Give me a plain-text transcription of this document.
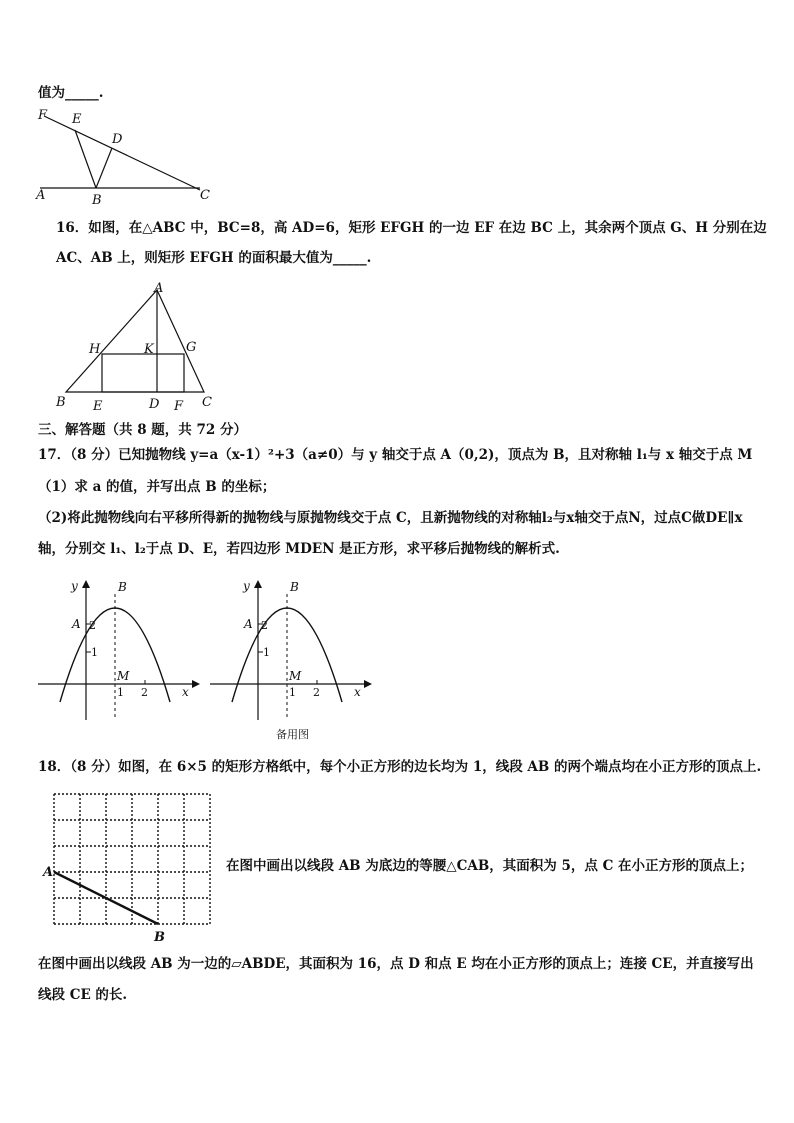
值为_____.
F E
D
A	B	C
16．如图，在△ABC 中，BC=8，高 AD=6，矩形 EFGH 的一边 EF 在边 BC 上，其余两个顶点 G、H 分别在边
AC、AB 上，则矩形 EFGH 的面积最大值为_____.
A
H	K G
B E	D F C
三、解答题（共 8 题，共 72 分）
17．（8 分）已知抛物线 y=a（x-1）²+3（a≠0）与 y 轴交于点 A（0,2)，顶点为 B，且对称轴 l₁与 x 轴交于点 M
（1）求 a 的值，并写出点 B 的坐标；
（2)将此抛物线向右平移所得新的抛物线与原抛物线交于点 C，且新抛物线的对称轴l₂与x轴交于点N，过点C做DE∥x
轴，分别交 l₁、l₂于点 D、E，若四边形 MDEN 是正方形，求平移后抛物线的解析式.
y	B
A 2
1
M
1 2	x
y	B
A 2
1
M
1 2	x
备用图
18．（8 分）如图，在 6×5 的矩形方格纸中，每个小正方形的边长均为 1，线段 AB 的两个端点均在小正方形的顶点上.
A
B
在图中画出以线段 AB 为底边的等腰△CAB，其面积为 5，点 C 在小正方形的顶点上；
在图中画出以线段 AB 为一边的▱ABDE，其面积为 16，点 D 和点 E 均在小正方形的顶点上；连接 CE，并直接写出
线段 CE 的长.
